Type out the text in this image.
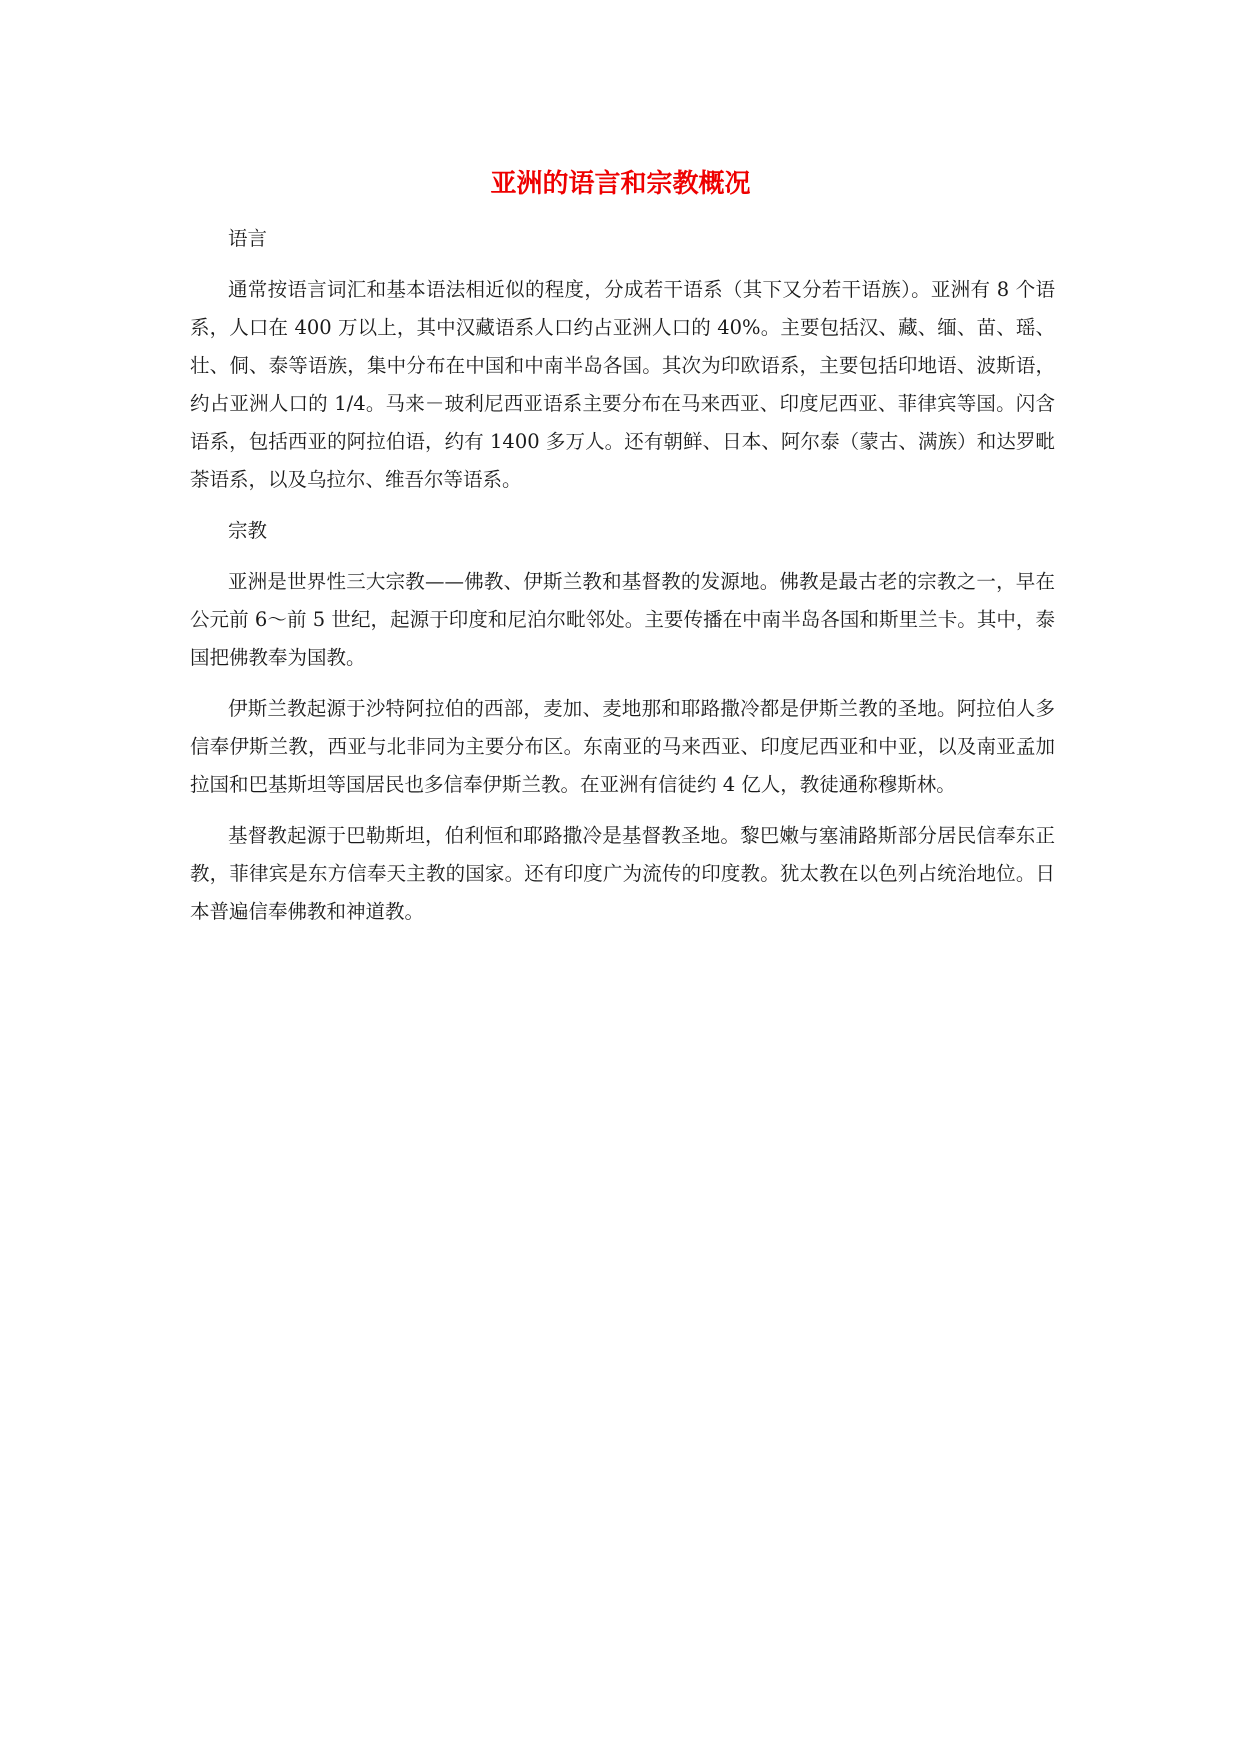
亚洲的语言和宗教概况

语言

通常按语言词汇和基本语法相近似的程度，分成若干语系（其下又分若干语族）。亚洲有 8 个语系，人口在 400 万以上，其中汉藏语系人口约占亚洲人口的 40%。主要包括汉、藏、缅、苗、瑶、壮、侗、泰等语族，集中分布在中国和中南半岛各国。其次为印欧语系，主要包括印地语、波斯语，约占亚洲人口的 1/4。马来－玻利尼西亚语系主要分布在马来西亚、印度尼西亚、菲律宾等国。闪含语系，包括西亚的阿拉伯语，约有 1400 多万人。还有朝鲜、日本、阿尔泰（蒙古、满族）和达罗毗荼语系，以及乌拉尔、维吾尔等语系。

宗教

亚洲是世界性三大宗教——佛教、伊斯兰教和基督教的发源地。佛教是最古老的宗教之一，早在公元前 6～前 5 世纪，起源于印度和尼泊尔毗邻处。主要传播在中南半岛各国和斯里兰卡。其中，泰国把佛教奉为国教。

伊斯兰教起源于沙特阿拉伯的西部，麦加、麦地那和耶路撒冷都是伊斯兰教的圣地。阿拉伯人多信奉伊斯兰教，西亚与北非同为主要分布区。东南亚的马来西亚、印度尼西亚和中亚，以及南亚孟加拉国和巴基斯坦等国居民也多信奉伊斯兰教。在亚洲有信徒约 4 亿人，教徒通称穆斯林。

基督教起源于巴勒斯坦，伯利恒和耶路撒冷是基督教圣地。黎巴嫩与塞浦路斯部分居民信奉东正教，菲律宾是东方信奉天主教的国家。还有印度广为流传的印度教。犹太教在以色列占统治地位。日本普遍信奉佛教和神道教。
